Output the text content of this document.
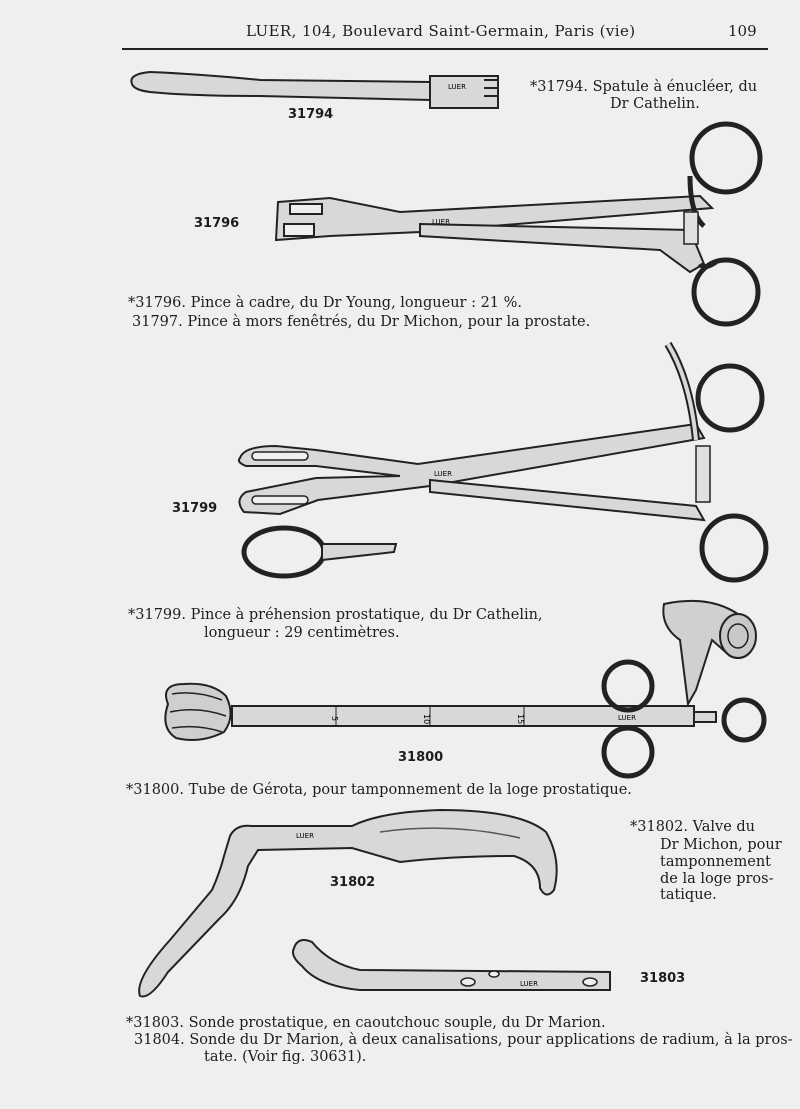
LUER, 104, Boulevard Saint-Germain, Paris (vie)	109
LUER
LUER
LUER
5	10	15	LUER
LUER
LUER
31794
31796
31799
31800
31802
31803
*31794. Spatule à énucléer, du
Dr Cathelin.
*31796. Pince à cadre, du Dr Young, longueur : 21 %.
31797. Pince à mors fenêtrés, du Dr Michon, pour la prostate.
*31799. Pince à préhension prostatique, du Dr Cathelin,
longueur : 29 centimètres.
*31800. Tube de Gérota, pour tamponnement de la loge prostatique.
*31802. Valve du
Dr Michon, pour
tamponnement
de la loge pros-
tatique.
*31803. Sonde prostatique, en caoutchouc souple, du Dr Marion.
31804. Sonde du Dr Marion, à deux canalisations, pour applications de radium, à la pros-
tate. (Voir fig. 30631).
